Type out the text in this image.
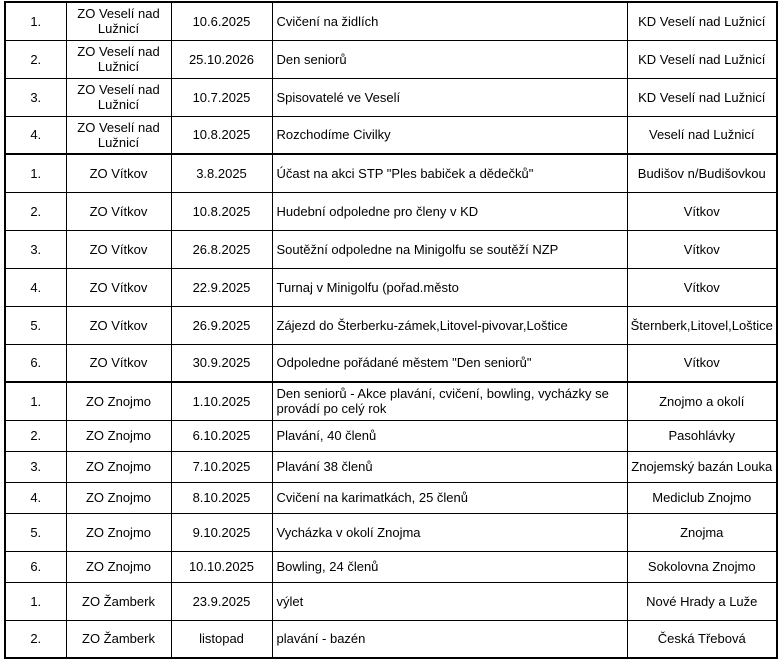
1.	ZO Veselí nad Lužnicí	10.6.2025	Cvičení na židlích	KD Veselí nad Lužnicí
2.	ZO Veselí nad Lužnicí	25.10.2026	Den seniorů	KD Veselí nad Lužnicí
3.	ZO Veselí nad Lužnicí	10.7.2025	Spisovatelé ve Veselí	KD Veselí nad Lužnicí
4.	ZO Veselí nad Lužnicí	10.8.2025	Rozchodíme Civilky	Veselí nad Lužnicí
1.	ZO Vítkov	3.8.2025	Účast na akci STP "Ples babiček a dědečků"	Budišov n/Budišovkou
2.	ZO Vítkov	10.8.2025	Hudební odpoledne pro členy v KD	Vítkov
3.	ZO Vítkov	26.8.2025	Soutěžní odpoledne na Minigolfu se soutěží NZP	Vítkov
4.	ZO Vítkov	22.9.2025	Turnaj v Minigolfu (pořad.město	Vítkov
5.	ZO Vítkov	26.9.2025	Zájezd do Šterberku-zámek,Litovel-pivovar,Loštice	Šternberk,Litovel,Loštice
6.	ZO Vítkov	30.9.2025	Odpoledne pořádané městem "Den seniorů"	Vítkov
1.	ZO Znojmo	1.10.2025	Den seniorů - Akce plavání, cvičení, bowling, vycházky se provádí po celý rok	Znojmo a okolí
2.	ZO Znojmo	6.10.2025	Plavání, 40 členů	Pasohlávky
3.	ZO Znojmo	7.10.2025	Plavání 38 členů	Znojemský bazán Louka
4.	ZO Znojmo	8.10.2025	Cvičení na karimatkách, 25 členů	Mediclub Znojmo
5.	ZO Znojmo	9.10.2025	Vycházka v okolí Znojma	Znojma
6.	ZO Znojmo	10.10.2025	Bowling, 24 členů	Sokolovna Znojmo
1.	ZO Žamberk	23.9.2025	výlet	Nové Hrady a Luže
2.	ZO Žamberk	listopad	plavání - bazén	Česká Třebová
